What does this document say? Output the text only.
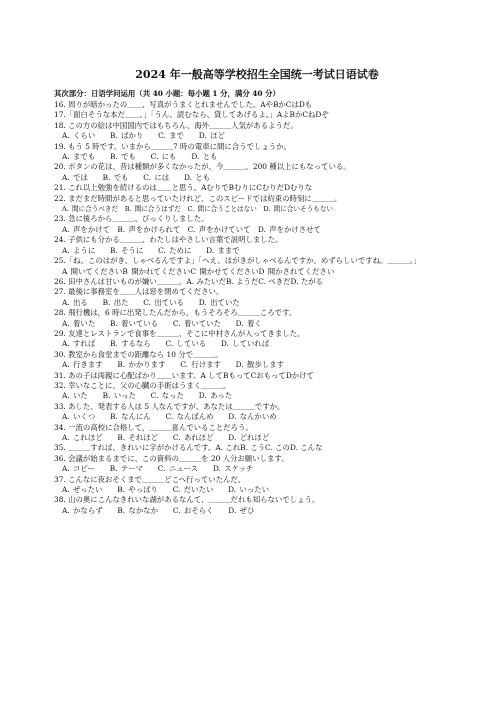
2024 年一般高等学校招生全国统一考试日语试卷
其次部分：日语学问运用（共 40 小题：每小题 1 分，满分 40 分）
16. 周りが暗かったの＿＿、写真がうまくとれませんでした。AやBかCはDも
17.「面白そうな本だ＿＿。」「うん、読むなら、貸してあげるよ。」AよBかCねDぞ
18. この方の絵は中国国内ではもちろん、海外＿＿＿人気があるようだ。
A. くらい　　B. ばかり　　C. まで　　D. ほど
19. もう 5 時です。いまから＿＿＿7 時の電車に間に合うでしょうか。
A. までも　　B. でも　　C. にも　　D. とも
20. ボタンの花は、昔は種類が多くなかったが、今＿＿＿、200 種以上にもなっている。
A. では　　B. でも　　C. には　　D. とも
21. これ以上勉強を続けるのは＿＿と思う。AむりでBむりにCむりだDむりな
22. まだまだ時間があると思っていたけれど、このスピードでは約束の時刻に＿＿＿。
A. 間に合うべきだ　B. 間に合うはずだ　C. 間に合うことはない　D. 間に合いそうもない
23. 急に後ろから＿＿＿、びっくりしました。
A. 声をかけて　B. 声をかけられて　C. 声をかけていて　D. 声をかけさせて
24. 子供にも分かる＿＿＿、わたしはやさしい言葉で説明しました。
A. ように　　B. そうに　　C. ために　　D. ままで
25.「ね、このはがき、しゃべるんですよ」「へえ、はがきがしゃべるんですか。めずらしいですね。＿＿＿。」
A 開いてくださいB 開かれてくださいC 開かせてくださいD 開かされてください
26. 田中さんは甘いものが嫌い＿＿＿。A. みたいだB. ようだC. べきだD. たがる
27. 最後に事務室を＿＿人は窓を閉めてください。
A. 出る　　B. 出た　　C. 出ている　　D. 出ていた
28. 飛行機は，6 時に出発したんだから，もうそろそろ＿＿＿ころです。
A. 着いた　　B. 着いている　　C. 着いていた　　D. 着く
29. 友達とレストランで食事を＿＿＿、そこに中村さんが入ってきました。
A. すれば　　B. するなら　　C. している　　D. していれば
30. 教室から食堂までの距離なら 10 分で＿＿＿。
A. 行きます　　B. かかります　　C. 行けます　　D. 散歩します
31. あの子は両親に心配ばかり＿＿います。A してBもってCおもってDかけて
32. 幸いなことに、父の心臓の手術はうまく＿＿＿。
A. いた　　B. いった　　C. なった　　D. あった
33. あした、発表する人は 5 人なんですが、あなたは＿＿＿ですか。
A. いくつ　　B. なんにん　　C. なんばんめ　　D. なんかいめ
34. 一流の高校に合格して，＿＿＿喜んでいることだろう。
A. これほど　　B. それほど　　C. あれほど　　D. どれほど
35. ＿＿＿すれば、きれいに字がかけるんです。A. これB. こうC. このD. こんな
36. 会議が始まるまでに、この資料の＿＿＿を 20 人分お願いします。
A. コピー　　B. テーマ　　C. ニュース　　D. スケッチ
37. こんなに夜おそくまで＿＿＿どこへ行っていたんだ。
A. ぜったい　　B. やっぱり　　C. だいたい　　D. いったい
38. 山の奥にこんなきれいな湖があるなんて、＿＿＿だれも知らないでしょう。
A. かならず　　B. なかなか　　C. おそらく　　D. ぜひ
